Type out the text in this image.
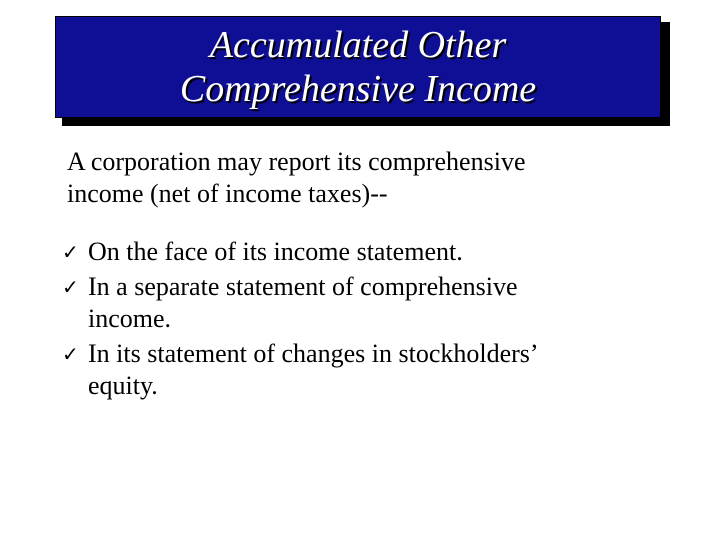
Accumulated Other
Comprehensive Income
A corporation may report its comprehensive
income (net of income taxes)--
✓ On the face of its income statement.
✓ In a separate statement of comprehensive
income.
✓ In its statement of changes in stockholders’
equity.
